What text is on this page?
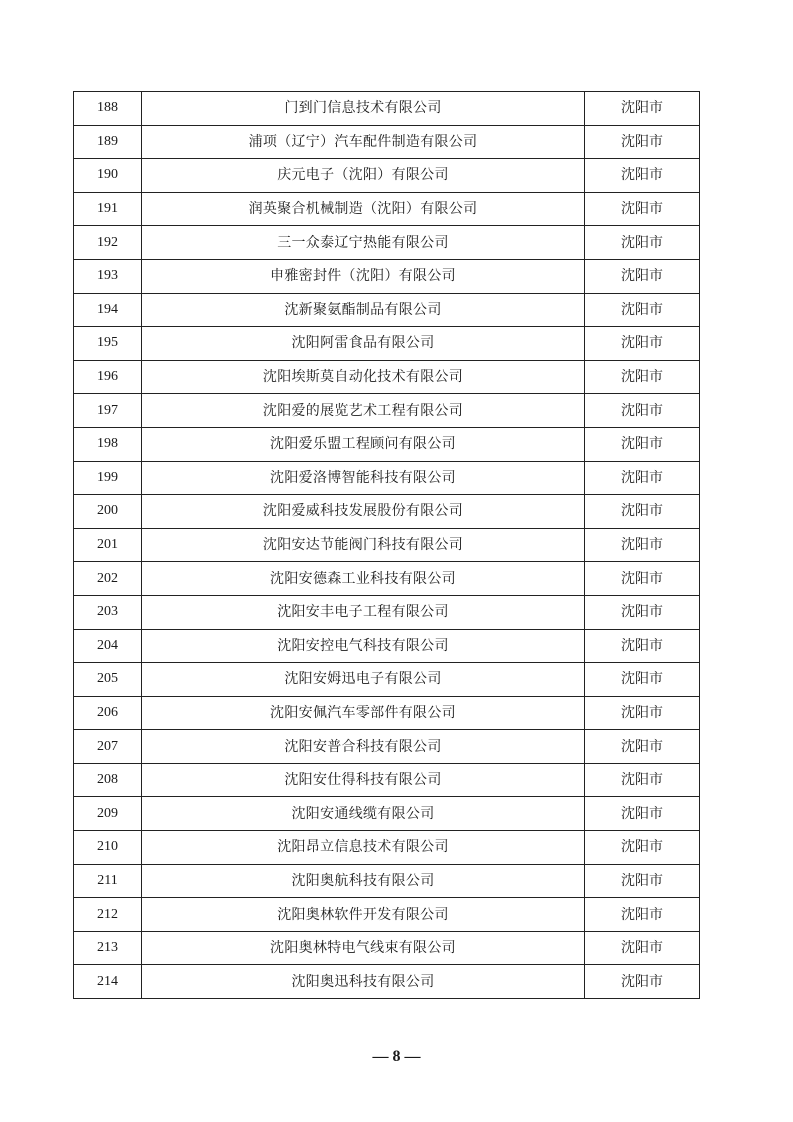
188	门到门信息技术有限公司	沈阳市
189	浦项（辽宁）汽车配件制造有限公司	沈阳市
190	庆元电子（沈阳）有限公司	沈阳市
191	润英聚合机械制造（沈阳）有限公司	沈阳市
192	三一众泰辽宁热能有限公司	沈阳市
193	申雅密封件（沈阳）有限公司	沈阳市
194	沈新聚氨酯制品有限公司	沈阳市
195	沈阳阿雷食品有限公司	沈阳市
196	沈阳埃斯莫自动化技术有限公司	沈阳市
197	沈阳爱的展览艺术工程有限公司	沈阳市
198	沈阳爱乐盟工程顾问有限公司	沈阳市
199	沈阳爱洛博智能科技有限公司	沈阳市
200	沈阳爱威科技发展股份有限公司	沈阳市
201	沈阳安达节能阀门科技有限公司	沈阳市
202	沈阳安德森工业科技有限公司	沈阳市
203	沈阳安丰电子工程有限公司	沈阳市
204	沈阳安控电气科技有限公司	沈阳市
205	沈阳安姆迅电子有限公司	沈阳市
206	沈阳安佩汽车零部件有限公司	沈阳市
207	沈阳安普合科技有限公司	沈阳市
208	沈阳安仕得科技有限公司	沈阳市
209	沈阳安通线缆有限公司	沈阳市
210	沈阳昂立信息技术有限公司	沈阳市
211	沈阳奥航科技有限公司	沈阳市
212	沈阳奥林软件开发有限公司	沈阳市
213	沈阳奥林特电气线束有限公司	沈阳市
214	沈阳奥迅科技有限公司	沈阳市
— 8 —
